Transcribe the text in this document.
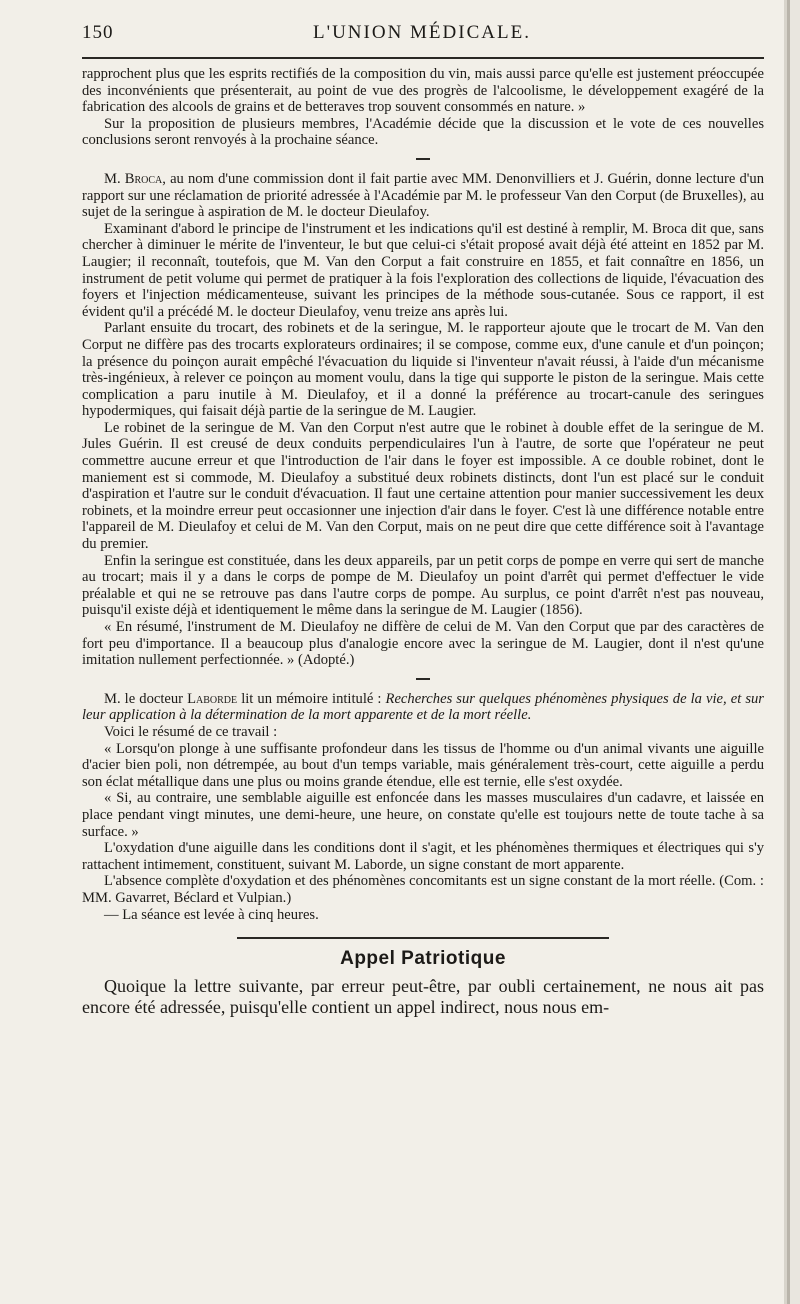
150	L'UNION MÉDICALE.

rapprochent plus que les esprits rectifiés de la composition du vin, mais aussi parce qu'elle est justement préoccupée des inconvénients que présenterait, au point de vue des progrès de l'alcoolisme, le développement exagéré de la fabrication des alcools de grains et de betteraves trop souvent consommés en nature. »

Sur la proposition de plusieurs membres, l'Académie décide que la discussion et le vote de ces nouvelles conclusions seront renvoyés à la prochaine séance.

M. Broca, au nom d'une commission dont il fait partie avec MM. Denonvilliers et J. Guérin, donne lecture d'un rapport sur une réclamation de priorité adressée à l'Académie par M. le professeur Van den Corput (de Bruxelles), au sujet de la seringue à aspiration de M. le docteur Dieulafoy.

Examinant d'abord le principe de l'instrument et les indications qu'il est destiné à remplir, M. Broca dit que, sans chercher à diminuer le mérite de l'inventeur, le but que celui-ci s'était proposé avait déjà été atteint en 1852 par M. Laugier; il reconnaît, toutefois, que M. Van den Corput a fait construire en 1855, et fait connaître en 1856, un instrument de petit volume qui permet de pratiquer à la fois l'exploration des collections de liquide, l'évacuation des foyers et l'injection médicamenteuse, suivant les principes de la méthode sous-cutanée. Sous ce rapport, il est évident qu'il a précédé M. le docteur Dieulafoy, venu treize ans après lui.

Parlant ensuite du trocart, des robinets et de la seringue, M. le rapporteur ajoute que le trocart de M. Van den Corput ne diffère pas des trocarts explorateurs ordinaires; il se compose, comme eux, d'une canule et d'un poinçon; la présence du poinçon aurait empêché l'évacuation du liquide si l'inventeur n'avait réussi, à l'aide d'un mécanisme très-ingénieux, à relever ce poinçon au moment voulu, dans la tige qui supporte le piston de la seringue. Mais cette complication a paru inutile à M. Dieulafoy, et il a donné la préférence au trocart-canule des seringues hypodermiques, qui faisait déjà partie de la seringue de M. Laugier.

Le robinet de la seringue de M. Van den Corput n'est autre que le robinet à double effet de la seringue de M. Jules Guérin. Il est creusé de deux conduits perpendiculaires l'un à l'autre, de sorte que l'opérateur ne peut commettre aucune erreur et que l'introduction de l'air dans le foyer est impossible. A ce double robinet, dont le maniement est si commode, M. Dieulafoy a substitué deux robinets distincts, dont l'un est placé sur le conduit d'aspiration et l'autre sur le conduit d'évacuation. Il faut une certaine attention pour manier successivement les deux robinets, et la moindre erreur peut occasionner une injection d'air dans le foyer. C'est là une différence notable entre l'appareil de M. Dieulafoy et celui de M. Van den Corput, mais on ne peut dire que cette différence soit à l'avantage du premier.

Enfin la seringue est constituée, dans les deux appareils, par un petit corps de pompe en verre qui sert de manche au trocart; mais il y a dans le corps de pompe de M. Dieulafoy un point d'arrêt qui permet d'effectuer le vide préalable et qui ne se retrouve pas dans l'autre corps de pompe. Au surplus, ce point d'arrêt n'est pas nouveau, puisqu'il existe déjà et identiquement le même dans la seringue de M. Laugier (1856).

« En résumé, l'instrument de M. Dieulafoy ne diffère de celui de M. Van den Corput que par des caractères de fort peu d'importance. Il a beaucoup plus d'analogie encore avec la seringue de M. Laugier, dont il n'est qu'une imitation nullement perfectionnée. » (Adopté.)

M. le docteur Laborde lit un mémoire intitulé : Recherches sur quelques phénomènes physiques de la vie, et sur leur application à la détermination de la mort apparente et de la mort réelle.

Voici le résumé de ce travail :

« Lorsqu'on plonge à une suffisante profondeur dans les tissus de l'homme ou d'un animal vivants une aiguille d'acier bien poli, non détrempée, au bout d'un temps variable, mais généralement très-court, cette aiguille a perdu son éclat métallique dans une plus ou moins grande étendue, elle est ternie, elle s'est oxydée.

« Si, au contraire, une semblable aiguille est enfoncée dans les masses musculaires d'un cadavre, et laissée en place pendant vingt minutes, une demi-heure, une heure, on constate qu'elle est toujours nette de toute tache à sa surface. »

L'oxydation d'une aiguille dans les conditions dont il s'agit, et les phénomènes thermiques et électriques qui s'y rattachent intimement, constituent, suivant M. Laborde, un signe constant de mort apparente.

L'absence complète d'oxydation et des phénomènes concomitants est un signe constant de la mort réelle. (Com. : MM. Gavarret, Béclard et Vulpian.)

— La séance est levée à cinq heures.

Appel Patriotique

Quoique la lettre suivante, par erreur peut-être, par oubli certainement, ne nous ait pas encore été adressée, puisqu'elle contient un appel indirect, nous nous em-
